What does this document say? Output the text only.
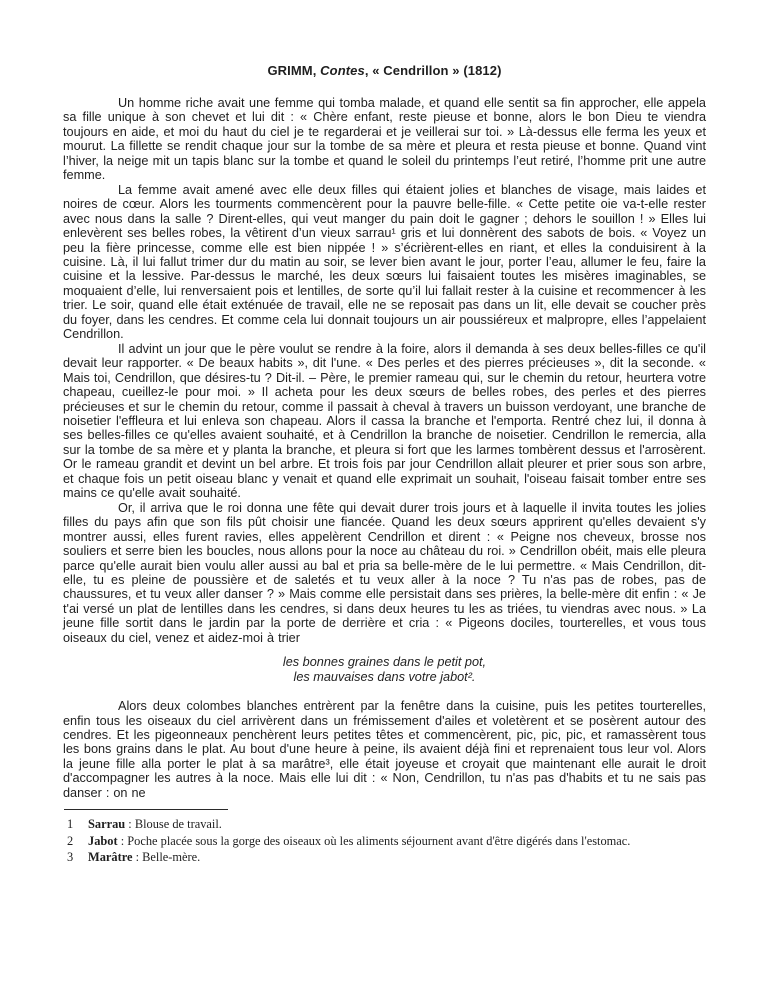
GRIMM, Contes, « Cendrillon » (1812)

Un homme riche avait une femme qui tomba malade, et quand elle sentit sa fin approcher, elle appela sa fille unique à son chevet et lui dit : « Chère enfant, reste pieuse et bonne, alors le bon Dieu te viendra toujours en aide, et moi du haut du ciel je te regarderai et je veillerai sur toi. » Là-dessus elle ferma les yeux et mourut. La fillette se rendit chaque jour sur la tombe de sa mère et pleura et resta pieuse et bonne. Quand vint l’hiver, la neige mit un tapis blanc sur la tombe et quand le soleil du printemps l’eut retiré, l’homme prit une autre femme.

La femme avait amené avec elle deux filles qui étaient jolies et blanches de visage, mais laides et noires de cœur. Alors les tourments commencèrent pour la pauvre belle-fille. « Cette petite oie va-t-elle rester avec nous dans la salle ? Dirent-elles, qui veut manger du pain doit le gagner ; dehors le souillon ! » Elles lui enlevèrent ses belles robes, la vêtirent d’un vieux sarrau¹ gris et lui donnèrent des sabots de bois. « Voyez un peu la fière princesse, comme elle est bien nippée ! » s’écrièrent-elles en riant, et elles la conduisirent à la cuisine. Là, il lui fallut trimer dur du matin au soir, se lever bien avant le jour, porter l’eau, allumer le feu, faire la cuisine et la lessive. Par-dessus le marché, les deux sœurs lui faisaient toutes les misères imaginables, se moquaient d’elle, lui renversaient pois et lentilles, de sorte qu’il lui fallait rester à la cuisine et recommencer à les trier. Le soir, quand elle était exténuée de travail, elle ne se reposait pas dans un lit, elle devait se coucher près du foyer, dans les cendres. Et comme cela lui donnait toujours un air poussiéreux et malpropre, elles l’appelaient Cendrillon.

Il advint un jour que le père voulut se rendre à la foire, alors il demanda à ses deux belles-filles ce qu'il devait leur rapporter. « De beaux habits », dit l'une. « Des perles et des pierres précieuses », dit la seconde. « Mais toi, Cendrillon, que désires-tu ? Dit-il. – Père, le premier rameau qui, sur le chemin du retour, heurtera votre chapeau, cueillez-le pour moi. » Il acheta pour les deux sœurs de belles robes, des perles et des pierres précieuses et sur le chemin du retour, comme il passait à cheval à travers un buisson verdoyant, une branche de noisetier l'effleura et lui enleva son chapeau. Alors il cassa la branche et l'emporta. Rentré chez lui, il donna à ses belles-filles ce qu'elles avaient souhaité, et à Cendrillon la branche de noisetier. Cendrillon le remercia, alla sur la tombe de sa mère et y planta la branche, et pleura si fort que les larmes tombèrent dessus et l'arrosèrent. Or le rameau grandit et devint un bel arbre. Et trois fois par jour Cendrillon allait pleurer et prier sous son arbre, et chaque fois un petit oiseau blanc y venait et quand elle exprimait un souhait, l'oiseau faisait tomber entre ses mains ce qu'elle avait souhaité.

Or, il arriva que le roi donna une fête qui devait durer trois jours et à laquelle il invita toutes les jolies filles du pays afin que son fils pût choisir une fiancée. Quand les deux sœurs apprirent qu'elles devaient s'y montrer aussi, elles furent ravies, elles appelèrent Cendrillon et dirent : « Peigne nos cheveux, brosse nos souliers et serre bien les boucles, nous allons pour la noce au château du roi. » Cendrillon obéit, mais elle pleura parce qu'elle aurait bien voulu aller aussi au bal et pria sa belle-mère de le lui permettre. « Mais Cendrillon, dit-elle, tu es pleine de poussière et de saletés et tu veux aller à la noce ? Tu n'as pas de robes, pas de chaussures, et tu veux aller danser ? » Mais comme elle persistait dans ses prières, la belle-mère dit enfin : « Je t'ai versé un plat de lentilles dans les cendres, si dans deux heures tu les as triées, tu viendras avec nous. » La jeune fille sortit dans le jardin par la porte de derrière et cria : « Pigeons dociles, tourterelles, et vous tous oiseaux du ciel, venez et aidez-moi à trier

les bonnes graines dans le petit pot,
les mauvaises dans votre jabot².

Alors deux colombes blanches entrèrent par la fenêtre dans la cuisine, puis les petites tourterelles, enfin tous les oiseaux du ciel arrivèrent dans un frémissement d'ailes et voletèrent et se posèrent autour des cendres. Et les pigeonneaux penchèrent leurs petites têtes et commencèrent, pic, pic, pic, et ramassèrent tous les bons grains dans le plat. Au bout d'une heure à peine, ils avaient déjà fini et reprenaient tous leur vol. Alors la jeune fille alla porter le plat à sa marâtre³, elle était joyeuse et croyait que maintenant elle aurait le droit d'accompagner les autres à la noce. Mais elle lui dit : « Non, Cendrillon, tu n'as pas d'habits et tu ne sais pas danser : on ne

1 Sarrau : Blouse de travail.
2 Jabot : Poche placée sous la gorge des oiseaux où les aliments séjournent avant d'être digérés dans l'estomac.
3 Marâtre : Belle-mère.
